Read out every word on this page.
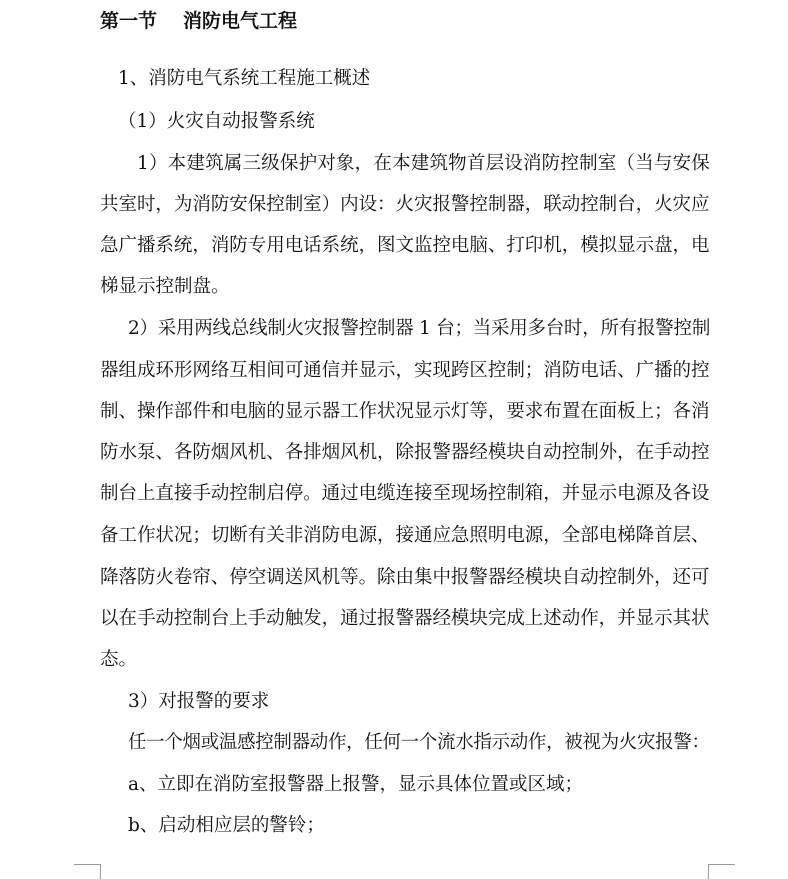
第一节 消防电气工程
1、消防电气系统工程施工概述
（1）火灾自动报警系统
1）本建筑属三级保护对象，在本建筑物首层设消防控制室（当与安保
共室时，为消防安保控制室）内设：火灾报警控制器，联动控制台，火灾应
急广播系统，消防专用电话系统，图文监控电脑、打印机，模拟显示盘，电
梯显示控制盘。
2）采用两线总线制火灾报警控制器 1 台；当采用多台时，所有报警控制
器组成环形网络互相间可通信并显示，实现跨区控制；消防电话、广播的控
制、操作部件和电脑的显示器工作状况显示灯等，要求布置在面板上；各消
防水泵、各防烟风机、各排烟风机，除报警器经模块自动控制外，在手动控
制台上直接手动控制启停。通过电缆连接至现场控制箱，并显示电源及各设
备工作状况；切断有关非消防电源，接通应急照明电源，全部电梯降首层、
降落防火卷帘、停空调送风机等。除由集中报警器经模块自动控制外，还可
以在手动控制台上手动触发，通过报警器经模块完成上述动作，并显示其状
态。
3）对报警的要求
任一个烟或温感控制器动作，任何一个流水指示动作，被视为火灾报警：
a、立即在消防室报警器上报警，显示具体位置或区域；
b、启动相应层的警铃；
